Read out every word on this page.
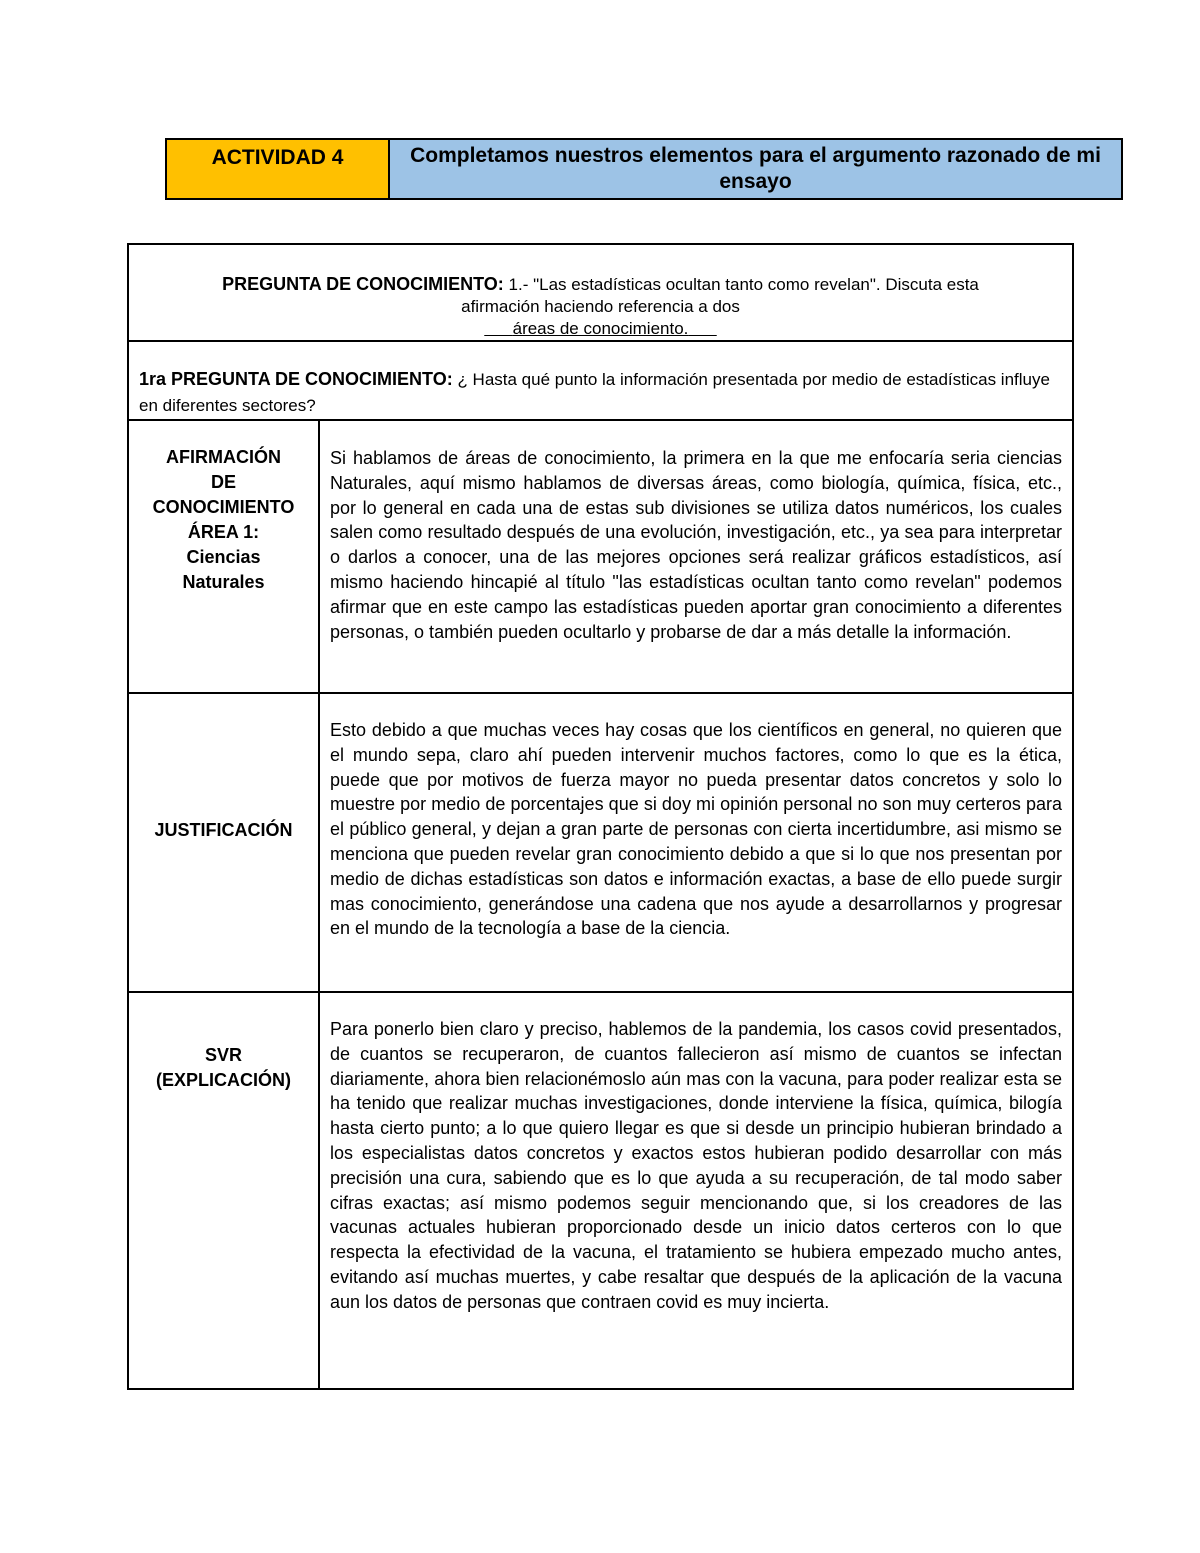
ACTIVIDAD 4	Completamos nuestros elementos para el argumento razonado de mi ensayo
PREGUNTA DE CONOCIMIENTO: 1.- "Las estadísticas ocultan tanto como revelan". Discuta esta
afirmación haciendo referencia a dos
áreas de conocimiento.
1ra PREGUNTA DE CONOCIMIENTO: ¿ Hasta qué punto la información presentada por medio de estadísticas influye en diferentes sectores?
AFIRMACIÓN
DE
CONOCIMIENTO
ÁREA 1:
Ciencias
Naturales
Si hablamos de áreas de conocimiento, la primera en la que me enfocaría seria ciencias Naturales, aquí mismo hablamos de diversas áreas, como biología, química, física, etc., por lo general en cada una de estas sub divisiones se utiliza datos numéricos, los cuales salen como resultado después de una evolución, investigación, etc., ya sea para interpretar o darlos a conocer, una de las mejores opciones será realizar gráficos estadísticos, así mismo haciendo hincapié al título "las estadísticas ocultan tanto como revelan" podemos afirmar que en este campo las estadísticas pueden aportar gran conocimiento a diferentes personas, o también pueden ocultarlo y probarse de dar a más detalle la información.
JUSTIFICACIÓN
Esto debido a que muchas veces hay cosas que los científicos en general, no quieren que el mundo sepa, claro ahí pueden intervenir muchos factores, como lo que es la ética, puede que por motivos de fuerza mayor no pueda presentar datos concretos y solo lo muestre por medio de porcentajes que si doy mi opinión personal no son muy certeros para el público general, y dejan a gran parte de personas con cierta incertidumbre, asi mismo se menciona que pueden revelar gran conocimiento debido a que si lo que nos presentan por medio de dichas estadísticas son datos e información exactas, a base de ello puede surgir mas conocimiento, generándose una cadena que nos ayude a desarrollarnos y progresar en el mundo de la tecnología a base de la ciencia.
SVR
(EXPLICACIÓN)
Para ponerlo bien claro y preciso, hablemos de la pandemia, los casos covid presentados, de cuantos se recuperaron, de cuantos fallecieron así mismo de cuantos se infectan diariamente, ahora bien relacionémoslo aún mas con la vacuna, para poder realizar esta se ha tenido que realizar muchas investigaciones, donde interviene la física, química, bilogía hasta cierto punto; a lo que quiero llegar es que si desde un principio hubieran brindado a los especialistas datos concretos y exactos estos hubieran podido desarrollar con más precisión una cura, sabiendo que es lo que ayuda a su recuperación, de tal modo saber cifras exactas; así mismo podemos seguir mencionando que, si los creadores de las vacunas actuales hubieran proporcionado desde un inicio datos certeros con lo que respecta la efectividad de la vacuna, el tratamiento se hubiera empezado mucho antes, evitando así muchas muertes, y cabe resaltar que después de la aplicación de la vacuna aun los datos de personas que contraen covid es muy incierta.
